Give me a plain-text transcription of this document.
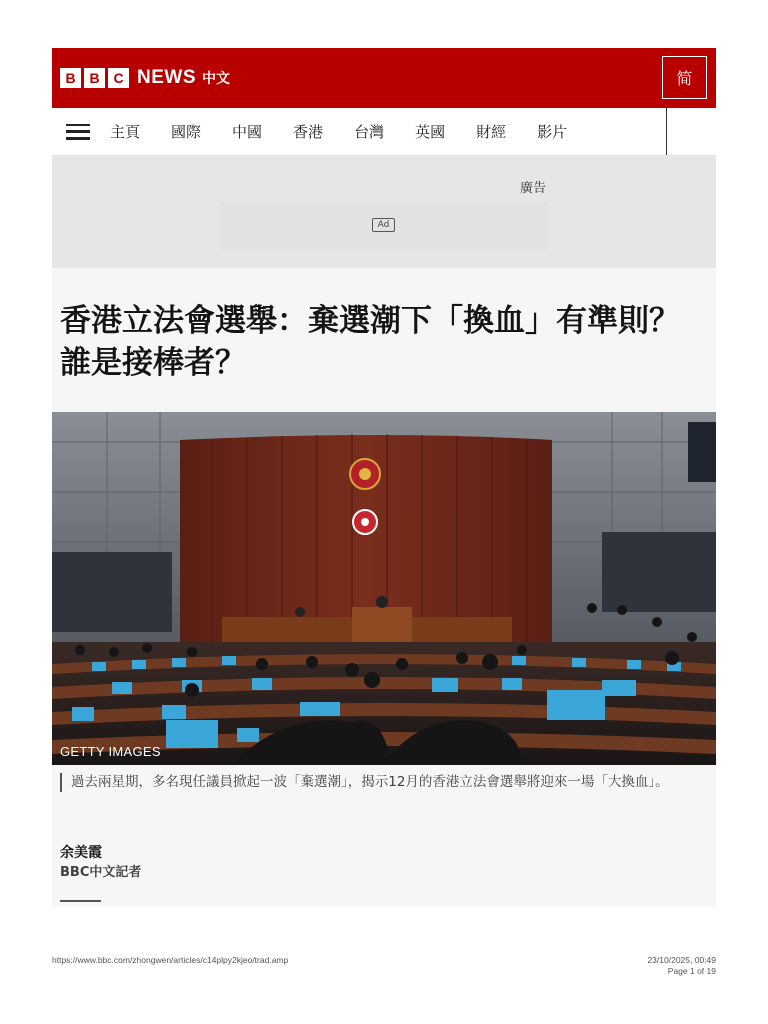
B B C NEWS 中文	简
主頁 國際 中國 香港 台灣 英國 財經 影片
廣告
Ad
香港立法會選舉：棄選潮下「換血」有準則？誰是接棒者？
GETTY IMAGES

過去兩星期，多名現任議員掀起一波「棄選潮」，揭示12月的香港立法會選舉將迎來一場「大換血」。

余美霞
BBC中文記者
https://www.bbc.com/zhongwen/articles/c14plpy2kjeo/trad.amp	23/10/2025, 00:49
Page 1 of 19
